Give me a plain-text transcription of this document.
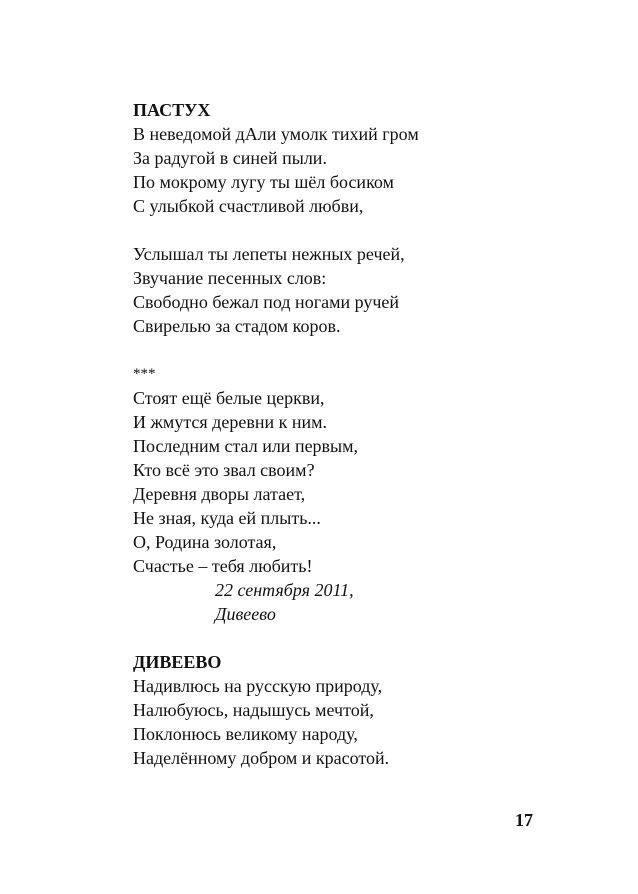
ПАСТУХ
В неведомой дАли умолк тихий гром
За радугой в синей пыли.
По мокрому лугу ты шёл босиком
С улыбкой счастливой любви,
Услышал ты лепеты нежных речей,
Звучание песенных слов:
Свободно бежал под ногами ручей
Свирелью за стадом коров.
***
Стоят ещё белые церкви,
И жмутся деревни к ним.
Последним стал или первым,
Кто всё это звал своим?
Деревня дворы латает,
Не зная, куда ей плыть...
О, Родина золотая,
Счастье – тебя любить!
22 сентября 2011,
Дивеево
ДИВЕЕВО
Надивлюсь на русскую природу,
Налюбуюсь, надышусь мечтой,
Поклонюсь великому народу,
Наделённому добром и красотой.
17
